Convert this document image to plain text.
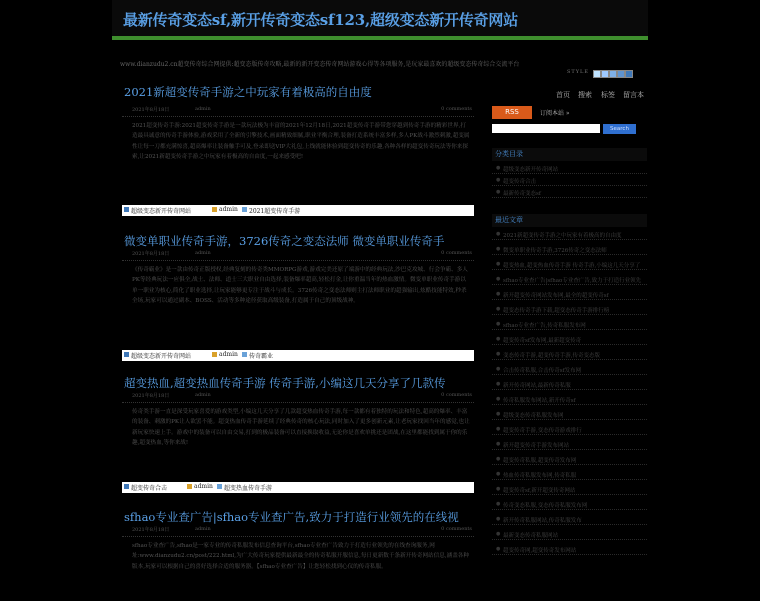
最新传奇变态sf,新开传奇变态sf123,超级变态新开传奇网站
www.dianzudu2.cn超变传奇综合网提供:超变态版传奇攻略,最新的新开变态传奇网站游戏心得等各项服务,是玩家最喜欢的超级变态传奇综合交流平台
STYLE
首页 搜索 标签 留言本
2021新超变传奇手游之中玩家有着极高的自由度
2021年8月18日	admin	0 comments
2021超变传奇手游:2021超变传奇手游是一款玩法极为丰富的2021年12月18日,2021超变传奇手游带您穿越到传奇手游的精彩世界,打造最具诚意的传奇手游体验,游戏采用了全新的引擎技术,画面精致细腻,职业平衡合理,装备打造系统丰富多样,多人PK战斗激烈刺激,超变属性让每一刀都充满惊喜,超高爆率让装备触手可及,登录即送VIP大礼包,上线就能体验到超变传奇的乐趣,各种各样的超变传奇玩法等你来探索,让2021新超变传奇手游之中玩家有着极高的自由度,一起来感受吧!
超级变态新开传奇网站	admin 2021超变传奇手游
微变单职业传奇手游，3726传奇之变态法师 微变单职业传奇手
2021年8月18日	admin	0 comments
《传奇霸业》是一款由传奇正版授权,经典复刻的传奇类MMORPG游戏,游戏完美还原了端游中的经典玩法,沙巴克攻城、行会争霸、多人PK等经典玩法一应俱全,战士、法师、道士三大职业自由选择,装备爆率超高,轻松打金,让你重温当年的热血激情。微变单职业传奇手游以单一职业为核心,简化了职业选择,让玩家能够更专注于战斗与成长。3726传奇之变态法师则主打法师职业的超强输出,炫酷技能特效,秒杀全场,玩家可以通过副本、BOSS、活动等多种途径获取高级装备,打造属于自己的顶级战神。
超级变态新开传奇网站	admin 传奇霸业
超变热血,超变热血传奇手游 传奇手游,小编这几天分享了几款传
2021年8月18日	admin	0 comments
传奇类手游一直是深受玩家喜爱的游戏类型,小编这几天分享了几款超变热血传奇手游,每一款都有着独特的玩法和特色,超高的爆率、丰富的装备、刺激的PK让人欲罢不能。超变热血传奇手游延续了经典传奇的核心玩法,同时加入了更多创新元素,让老玩家找回当年的感觉,也让新玩家快速上手。游戏中的装备可以自由交易,打到的极品装备可以直接换取收益,无论你是喜欢单挑还是团战,在这里都能找到属于你的乐趣,超变热血,等你来战!
超变传奇合击	admin 超变热血传奇手游
sfhao专业查广告|sfhao专业查广告,致力于打造行业领先的在线视
2021年8月18日	admin	0 comments
sfhao专业查广告,sfhao是一家专业的传奇私服发布信息查询平台,sfhao专业查广告致力于打造行业领先的在线查询服务,网址:www.dianzudu2.cn/post/222.html,为广大传奇玩家提供最新最全的传奇私服开服信息,每日更新数千条新开传奇网站信息,涵盖各种版本,玩家可以根据自己的喜好选择合适的服务器。【sfhao专业查广告】让您轻松找到心仪的传奇私服。
RSS	订阅本站 »
Search
分类目录
● 超级变态新开传奇网站
● 超变传奇合击
● 最新传奇变态sf
最近文章
● 2021新超变传奇手游之中玩家有着极高的自由度
● 微变单职业传奇手游,3726传奇之变态法师
● 超变热血,超变热血传奇手游 传奇手游,小编这几天分享了
● sfhao专业查广告|sfhao专业查广告,致力于打造行业领先
● 新开超变传奇网站发布网,最全的超变传奇sf
● 超变态传奇手游下载,超变态传奇手游排行榜
● sfhao专业查广告,传奇私服发布网
● 超变传奇sf发布网,最新超变传奇
● 变态传奇手游,超变传奇手游,传奇变态版
● 合击传奇私服,合击传奇sf发布网
● 新开传奇网站,最新传奇私服
● 传奇私服发布网站,新开传奇sf
● 超级变态传奇私服发布网
● 超变传奇手游,变态传奇游戏排行
● 新开超变传奇手游发布网站
● 超变传奇私服,超变传奇发布网
● 热血传奇私服发布网,传奇私服
● 超变传奇sf,新开超变传奇网站
● 传奇变态私服,变态传奇私服发布网
● 新开传奇私服网站,传奇私服发布
● 最新变态传奇私服网站
● 超变传奇网,超变传奇发布网站
